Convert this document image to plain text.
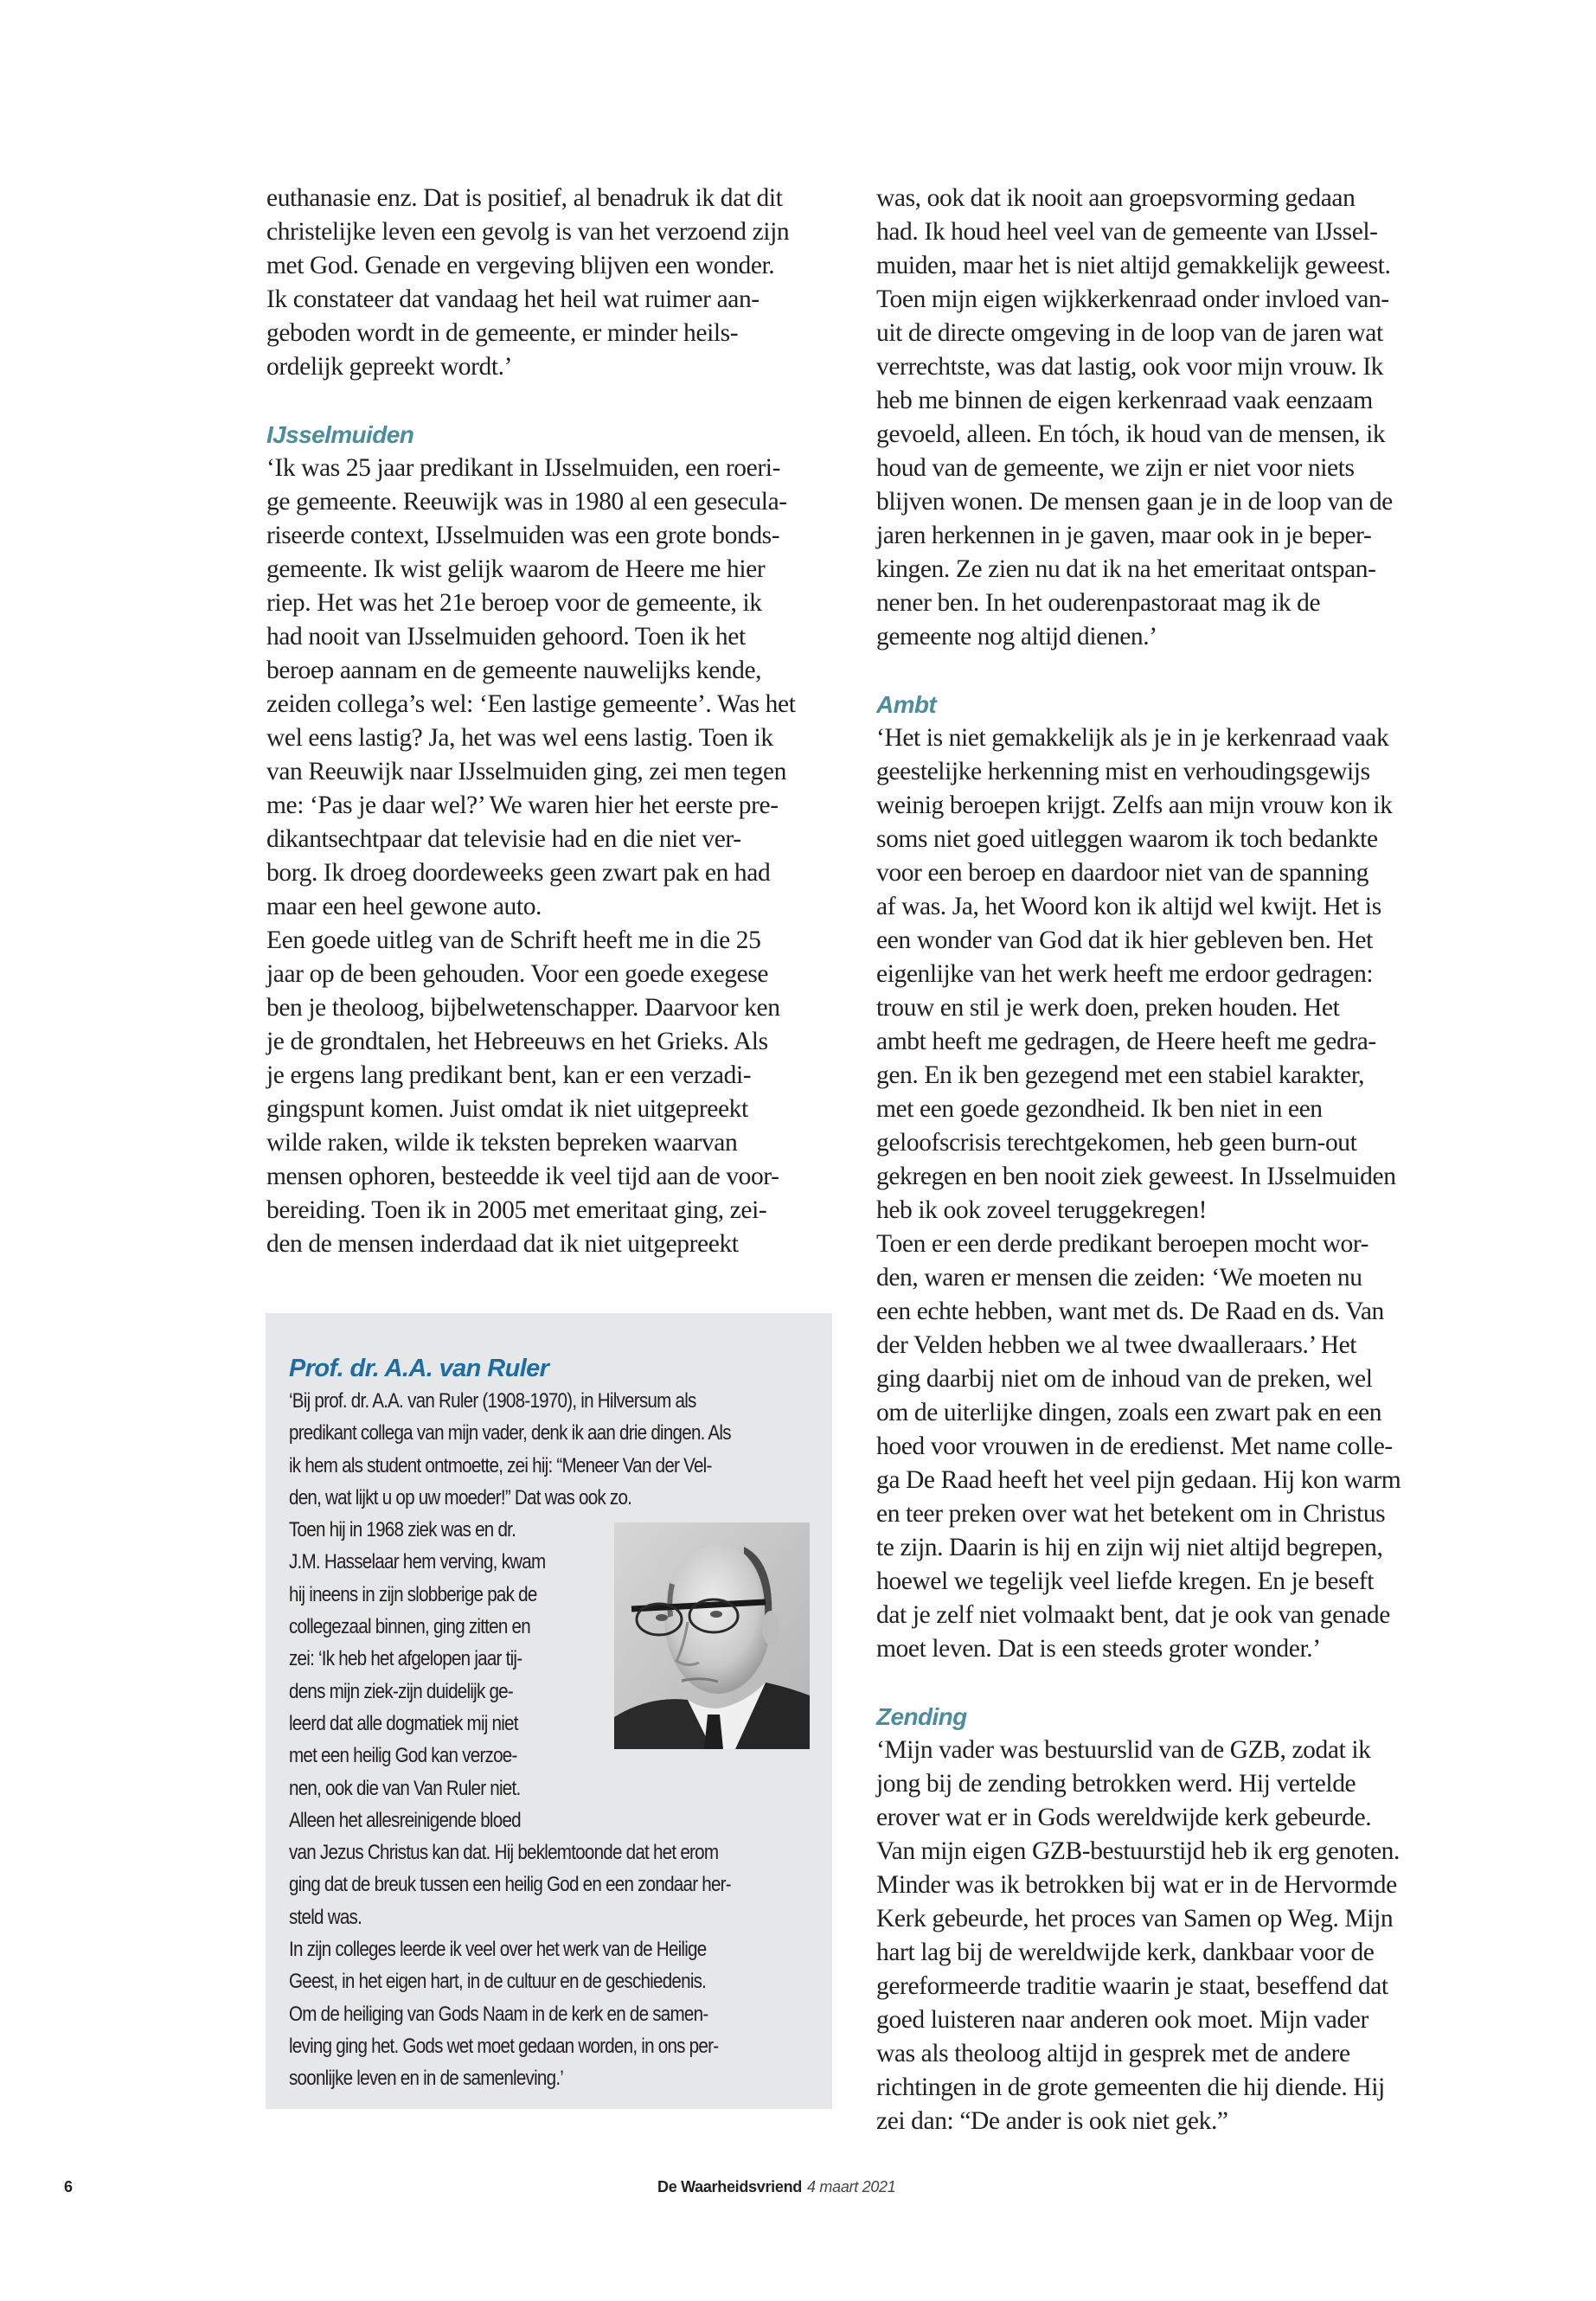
euthanasie enz. Dat is positief, al benadruk ik dat dit
christelijke leven een gevolg is van het verzoend zijn
met God. Genade en vergeving blijven een wonder.
Ik constateer dat vandaag het heil wat ruimer aan-
geboden wordt in de gemeente, er minder heils-
ordelijk gepreekt wordt.’

IJsselmuiden

‘Ik was 25 jaar predikant in IJsselmuiden, een roeri-
ge gemeente. Reeuwijk was in 1980 al een gesecula-
riseerde context, IJsselmuiden was een grote bonds-
gemeente. Ik wist gelijk waarom de Heere me hier
riep. Het was het 21e beroep voor de gemeente, ik
had nooit van IJsselmuiden gehoord. Toen ik het
beroep aannam en de gemeente nauwelijks kende,
zeiden collega’s wel: ‘Een lastige gemeente’. Was het
wel eens lastig? Ja, het was wel eens lastig. Toen ik
van Reeuwijk naar IJsselmuiden ging, zei men tegen
me: ‘Pas je daar wel?’ We waren hier het eerste pre-
dikantsechtpaar dat televisie had en die niet ver-
borg. Ik droeg doordeweeks geen zwart pak en had
maar een heel gewone auto.
Een goede uitleg van de Schrift heeft me in die 25
jaar op de been gehouden. Voor een goede exegese
ben je theoloog, bijbelwetenschapper. Daarvoor ken
je de grondtalen, het Hebreeuws en het Grieks. Als
je ergens lang predikant bent, kan er een verzadi-
gingspunt komen. Juist omdat ik niet uitgepreekt
wilde raken, wilde ik teksten bepreken waarvan
mensen ophoren, besteedde ik veel tijd aan de voor-
bereiding. Toen ik in 2005 met emeritaat ging, zei-
den de mensen inderdaad dat ik niet uitgepreekt

Prof. dr. A.A. van Ruler

‘Bij prof. dr. A.A. van Ruler (1908-1970), in Hilversum als
predikant collega van mijn vader, denk ik aan drie dingen. Als
ik hem als student ontmoette, zei hij: “Meneer Van der Vel-
den, wat lijkt u op uw moeder!” Dat was ook zo.

Toen hij in 1968 ziek was en dr.
J.M. Hasselaar hem verving, kwam
hij ineens in zijn slobberige pak de
collegezaal binnen, ging zitten en
zei: ‘Ik heb het afgelopen jaar tij-
dens mijn ziek-zijn duidelijk ge-
leerd dat alle dogmatiek mij niet
met een heilig God kan verzoe-
nen, ook die van Van Ruler niet.
Alleen het allesreinigende bloed

van Jezus Christus kan dat. Hij beklemtoonde dat het erom
ging dat de breuk tussen een heilig God en een zondaar her-
steld was.
In zijn colleges leerde ik veel over het werk van de Heilige
Geest, in het eigen hart, in de cultuur en de geschiedenis.
Om de heiliging van Gods Naam in de kerk en de samen-
leving ging het. Gods wet moet gedaan worden, in ons per-
soonlijke leven en in de samenleving.’

was, ook dat ik nooit aan groepsvorming gedaan
had. Ik houd heel veel van de gemeente van IJssel-
muiden, maar het is niet altijd gemakkelijk geweest.
Toen mijn eigen wijkkerkenraad onder invloed van-
uit de directe omgeving in de loop van de jaren wat
verrechtste, was dat lastig, ook voor mijn vrouw. Ik
heb me binnen de eigen kerkenraad vaak eenzaam
gevoeld, alleen. En tóch, ik houd van de mensen, ik
houd van de gemeente, we zijn er niet voor niets
blijven wonen. De mensen gaan je in de loop van de
jaren herkennen in je gaven, maar ook in je beper-
kingen. Ze zien nu dat ik na het emeritaat ontspan-
nener ben. In het ouderenpastoraat mag ik de
gemeente nog altijd dienen.’

Ambt

‘Het is niet gemakkelijk als je in je kerkenraad vaak
geestelijke herkenning mist en verhoudingsgewijs
weinig beroepen krijgt. Zelfs aan mijn vrouw kon ik
soms niet goed uitleggen waarom ik toch bedankte
voor een beroep en daardoor niet van de spanning
af was. Ja, het Woord kon ik altijd wel kwijt. Het is
een wonder van God dat ik hier gebleven ben. Het
eigenlijke van het werk heeft me erdoor gedragen:
trouw en stil je werk doen, preken houden. Het
ambt heeft me gedragen, de Heere heeft me gedra-
gen. En ik ben gezegend met een stabiel karakter,
met een goede gezondheid. Ik ben niet in een
geloofscrisis terechtgekomen, heb geen burn-out
gekregen en ben nooit ziek geweest. In IJsselmuiden
heb ik ook zoveel teruggekregen!
Toen er een derde predikant beroepen mocht wor-
den, waren er mensen die zeiden: ‘We moeten nu
een echte hebben, want met ds. De Raad en ds. Van
der Velden hebben we al twee dwaalleraars.’ Het
ging daarbij niet om de inhoud van de preken, wel
om de uiterlijke dingen, zoals een zwart pak en een
hoed voor vrouwen in de eredienst. Met name colle-
ga De Raad heeft het veel pijn gedaan. Hij kon warm
en teer preken over wat het betekent om in Christus
te zijn. Daarin is hij en zijn wij niet altijd begrepen,
hoewel we tegelijk veel liefde kregen. En je beseft
dat je zelf niet volmaakt bent, dat je ook van genade
moet leven. Dat is een steeds groter wonder.’

Zending

‘Mijn vader was bestuurslid van de GZB, zodat ik
jong bij de zending betrokken werd. Hij vertelde
erover wat er in Gods wereldwijde kerk gebeurde.
Van mijn eigen GZB-bestuurstijd heb ik erg genoten.
Minder was ik betrokken bij wat er in de Hervormde
Kerk gebeurde, het proces van Samen op Weg. Mijn
hart lag bij de wereldwijde kerk, dankbaar voor de
gereformeerde traditie waarin je staat, beseffend dat
goed luisteren naar anderen ook moet. Mijn vader
was als theoloog altijd in gesprek met de andere
richtingen in de grote gemeenten die hij diende. Hij
zei dan: “De ander is ook niet gek.”

6	De Waarheidsvriend 4 maart 2021
